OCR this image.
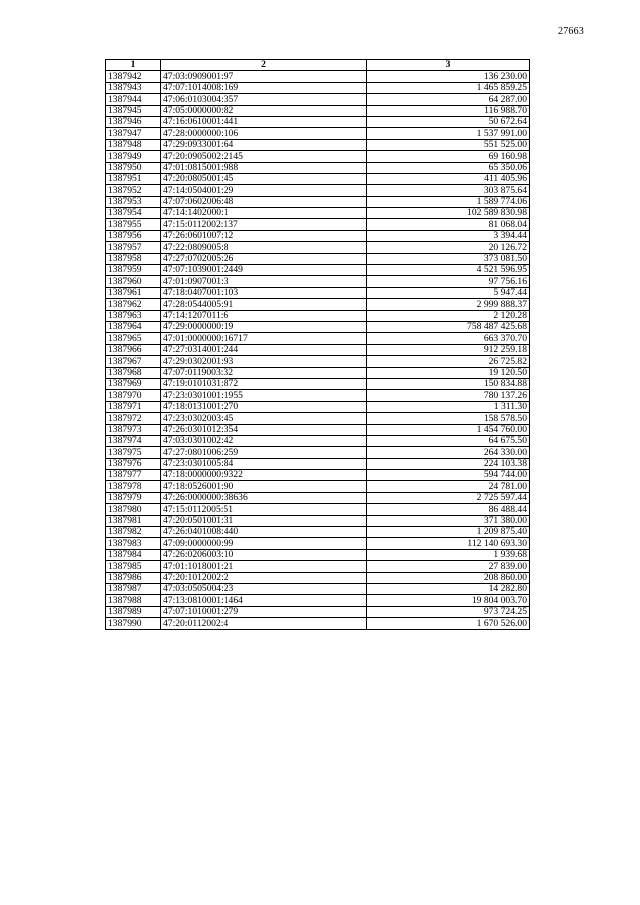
27663
1	2	3
1387942	47:03:0909001:97	136 230.00
1387943	47:07:1014008:169	1 465 859.25
1387944	47:06:0103004:357	64 287.00
1387945	47:05:0000000:82	116 988.70
1387946	47:16:0610001:441	50 672.64
1387947	47:28:0000000:106	1 537 991.00
1387948	47:29:0933001:64	551 525.00
1387949	47:20:0905002:2145	69 160.98
1387950	47:01:0815001:988	65 350.06
1387951	47:20:0805001:45	411 405.96
1387952	47:14:0504001:29	303 875.64
1387953	47:07:0602006:48	1 589 774.06
1387954	47:14:1402000:1	102 589 830.98
1387955	47:15:0112002:137	81 068.04
1387956	47:26:0601007:12	3 394.44
1387957	47:22:0809005:8	20 126.72
1387958	47:27:0702005:26	373 081.50
1387959	47:07:1039001:2449	4 521 596.95
1387960	47:01:0907001:3	97 756.16
1387961	47:18:0407001:103	5 947.44
1387962	47:28:0544005:91	2 999 888.37
1387963	47:14:1207011:6	2 120.28
1387964	47:29:0000000:19	758 487 425.68
1387965	47:01:0000000:16717	663 370.70
1387966	47:27:0314001:244	912 259.18
1387967	47:29:0302001:93	26 725.82
1387968	47:07:0119003:32	19 120.50
1387969	47:19:0101031:872	150 834.88
1387970	47:23:0301001:1955	780 137.26
1387971	47:18:0131001:270	1 311.30
1387972	47:23:0302003:45	158 578.50
1387973	47:26:0301012:354	1 454 760.00
1387974	47:03:0301002:42	64 675.50
1387975	47:27:0801006:259	264 330.00
1387976	47:23:0301005:84	224 103.38
1387977	47:18:0000000:9322	594 744.00
1387978	47:18:0526001:90	24 781.00
1387979	47:26:0000000:38636	2 725 597.44
1387980	47:15:0112005:51	86 488.44
1387981	47:20:0501001:31	371 380.00
1387982	47:26:0401008:440	1 209 875.40
1387983	47:09:0000000:99	112 140 693.30
1387984	47:26:0206003:10	1 939.68
1387985	47:01:1018001:21	27 839.00
1387986	47:20:1012002:2	208 860.00
1387987	47:03:0505004:23	14 282.80
1387988	47:13:0810001:1464	19 804 003.70
1387989	47:07:1010001:279	973 724.25
1387990	47:20:0112002:4	1 670 526.00
